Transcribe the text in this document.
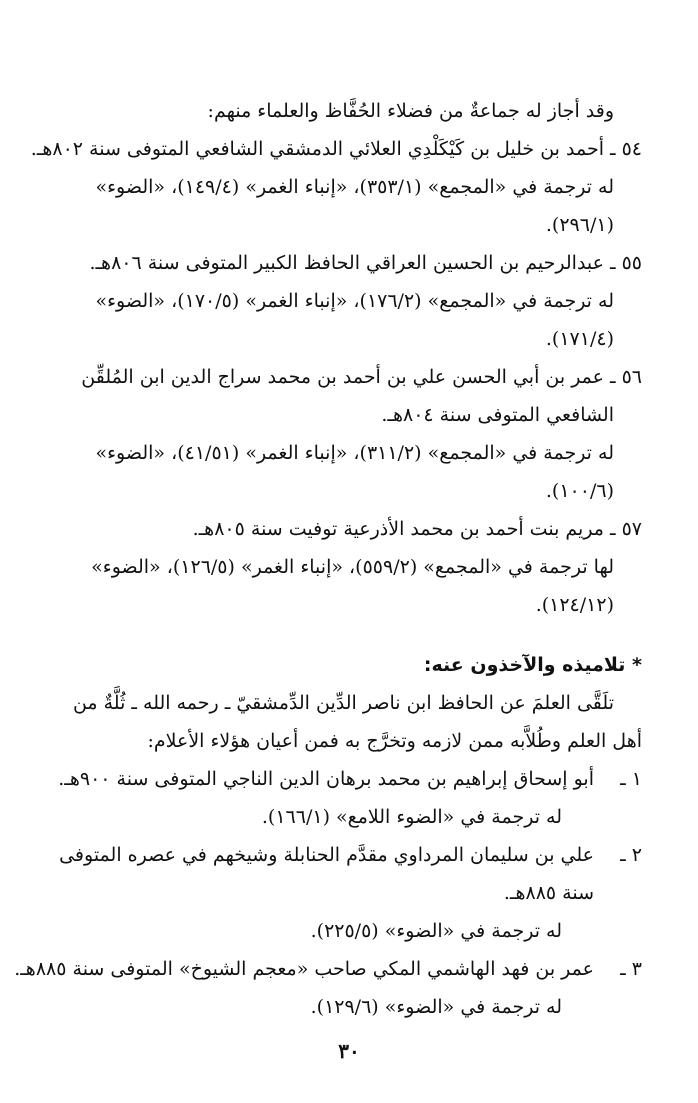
وقد أجاز له جماعةٌ من فضلاء الحُفَّاظ والعلماء منهم:
٥٤ ـ
أحمد بن خليل بن كَيْكَلْدِي العلائي الدمشقي الشافعي المتوفى سنة ٨٠٢هـ.
له ترجمة في «المجمع» (٣٥٣/١)، «إنباء الغمر» (١٤٩/٤)، «الضوء»
(٢٩٦/١).
٥٥ ـ
عبدالرحيم بن الحسين العراقي الحافظ الكبير المتوفى سنة ٨٠٦هـ.
له ترجمة في «المجمع» (١٧٦/٢)، «إنباء الغمر» (١٧٠/٥)، «الضوء»
(١٧١/٤).
٥٦ ـ
عمر بن أبي الحسن علي بن أحمد بن محمد سراج الدين ابن المُلقِّن
الشافعي المتوفى سنة ٨٠٤هـ.
له ترجمة في «المجمع» (٣١١/٢)، «إنباء الغمر» (٤١/٥١)، «الضوء»
(١٠٠/٦).
٥٧ ـ
مريم بنت أحمد بن محمد الأذرعية توفيت سنة ٨٠٥هـ.
لها ترجمة في «المجمع» (٥٥٩/٢)، «إنباء الغمر» (١٢٦/٥)، «الضوء»
(١٢٤/١٢).
* تلاميذه والآخذون عنه:
تلَقَّى العلمَ عن الحافظ ابن ناصر الدِّين الدِّمشقيّ ـ رحمه الله ـ ثُلَّةٌ من
أهل العلم وطُلاَّبه ممن لازمه وتخرَّج به فمن أعيان هؤلاء الأعلام:
١ ـ
أبو إسحاق إبراهيم بن محمد برهان الدين الناجي المتوفى سنة ٩٠٠هـ.
له ترجمة في «الضوء اللامع» (١٦٦/١).
٢ ـ
علي بن سليمان المرداوي مقدَّم الحنابلة وشيخهم في عصره المتوفى
سنة ٨٨٥هـ.
له ترجمة في «الضوء» (٢٢٥/٥).
٣ ـ
عمر بن فهد الهاشمي المكي صاحب «معجم الشيوخ» المتوفى سنة ٨٨٥هـ.
له ترجمة في «الضوء» (١٢٩/٦).
٣٠
